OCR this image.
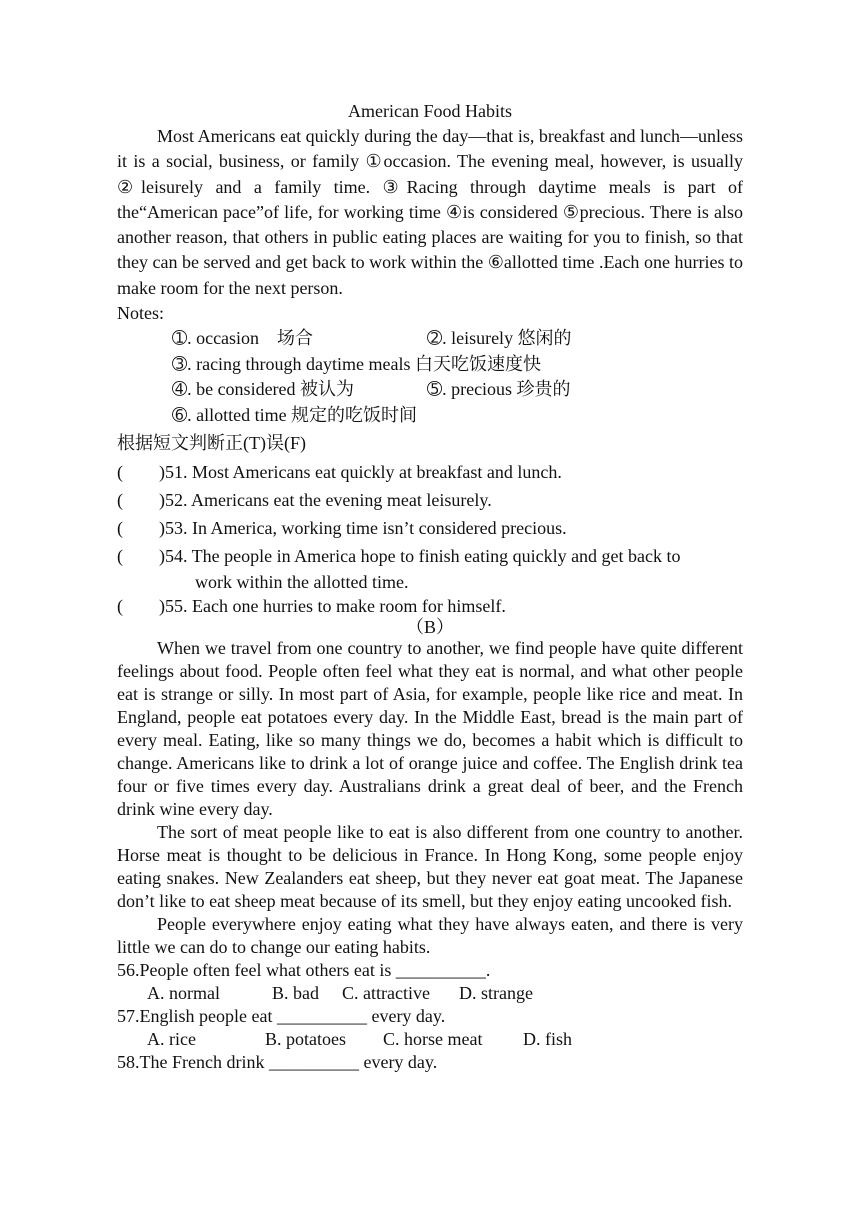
American Food Habits

Most Americans eat quickly during the day—that is, breakfast and lunch—unless it is a social, business, or family ①occasion. The evening meal, however, is usually ②leisurely and a family time. ③Racing through daytime meals is part of the“American pace”of life, for working time ④is considered ⑤precious. There is also another reason, that others in public eating places are waiting for you to finish, so that they can be served and get back to work within the ⑥allotted time .Each one hurries to make room for the next person.

Notes:
➀. occasion　场合	➁. leisurely 悠闲的
➂. racing through daytime meals 白天吃饭速度快
➃. be considered 被认为	➄. precious 珍贵的
➅. allotted time 规定的吃饭时间
根据短文判断正(T)误(F)
(        ) 51. Most Americans eat quickly at breakfast and lunch.
(        ) 52. Americans eat the evening meat leisurely.
(        ) 53. In America, working time isn’t considered precious.
(        ) 54. The people in America hope to finish eating quickly and get back to
work within the allotted time.
(        ) 55. Each one hurries to make room for himself.
（B）

When we travel from one country to another, we find people have quite different feelings about food. People often feel what they eat is normal, and what other people eat is strange or silly. In most part of Asia, for example, people like rice and meat. In England, people eat potatoes every day. In the Middle East, bread is the main part of every meal. Eating, like so many things we do, becomes a habit which is difficult to change. Americans like to drink a lot of orange juice and coffee. The English drink tea four or five times every day. Australians drink a great deal of beer, and the French drink wine every day.

The sort of meat people like to eat is also different from one country to another. Horse meat is thought to be delicious in France. In Hong Kong, some people enjoy eating snakes. New Zealanders eat sheep, but they never eat goat meat. The Japanese don’t like to eat sheep meat because of its smell, but they enjoy eating uncooked fish.

People everywhere enjoy eating what they have always eaten, and there is very little we can do to change our eating habits.

56.People often feel what others eat is __________.
A. normal	B. bad	C. attractive	D. strange
57.English people eat __________ every day.
A. rice	B. potatoes	C. horse meat	D. fish
58.The French drink __________ every day.
